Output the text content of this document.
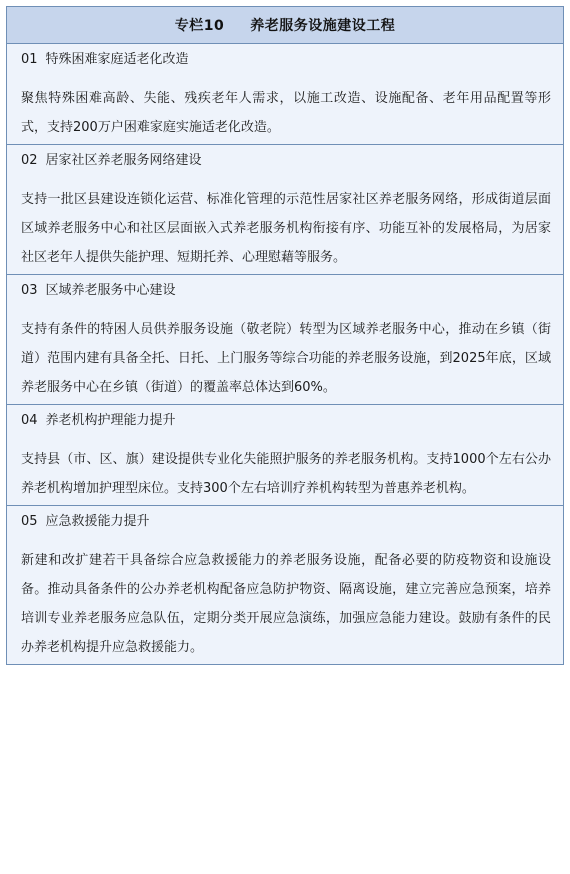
专栏10 养老服务设施建设工程
01 特殊困难家庭适老化改造
聚焦特殊困难高龄、失能、残疾老年人需求，以施工改造、设施配备、老年用品配置等形式，支持200万户困难家庭实施适老化改造。
02 居家社区养老服务网络建设
支持一批区县建设连锁化运营、标准化管理的示范性居家社区养老服务网络，形成街道层面区域养老服务中心和社区层面嵌入式养老服务机构衔接有序、功能互补的发展格局，为居家社区老年人提供失能护理、短期托养、心理慰藉等服务。
03 区域养老服务中心建设
支持有条件的特困人员供养服务设施（敬老院）转型为区域养老服务中心，推动在乡镇（街道）范围内建有具备全托、日托、上门服务等综合功能的养老服务设施，到2025年底，区域养老服务中心在乡镇（街道）的覆盖率总体达到60%。
04 养老机构护理能力提升
支持县（市、区、旗）建设提供专业化失能照护服务的养老服务机构。支持1000个左右公办养老机构增加护理型床位。支持300个左右培训疗养机构转型为普惠养老机构。
05 应急救援能力提升
新建和改扩建若干具备综合应急救援能力的养老服务设施，配备必要的防疫物资和设施设备。推动具备条件的公办养老机构配备应急防护物资、隔离设施，建立完善应急预案，培养培训专业养老服务应急队伍，定期分类开展应急演练，加强应急能力建设。鼓励有条件的民办养老机构提升应急救援能力。
